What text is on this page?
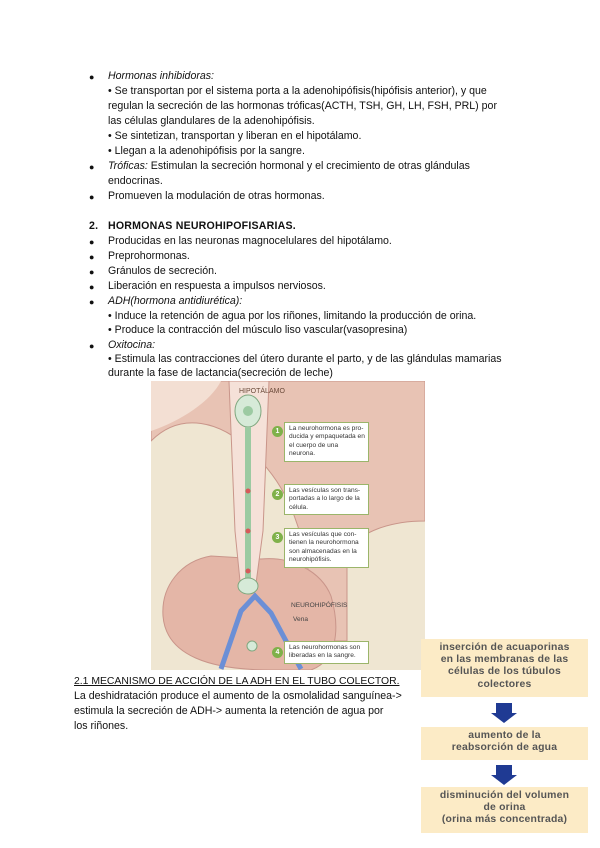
● Hormonas inhibidoras:
• Se transportan por el sistema porta a la adenohipófisis(hipófisis anterior), y que
regulan la secreción de las hormonas tróficas(ACTH, TSH, GH, LH, FSH, PRL) por
las células glandulares de la adenohipófisis.
• Se sintetizan, transportan y liberan en el hipotálamo.
• Llegan a la adenohipófisis por la sangre.
● Tróficas: Estimulan la secreción hormonal y el crecimiento de otras glándulas
endocrinas.
● Promueven la modulación de otras hormonas.
2. HORMONAS NEUROHIPOFISARIAS.
● Producidas en las neuronas magnocelulares del hipotálamo.
● Preprohormonas.
● Gránulos de secreción.
● Liberación en respuesta a impulsos nerviosos.
● ADH(hormona antidiurética):
• Induce la retención de agua por los riñones, limitando la producción de orina.
• Produce la contracción del músculo liso vascular(vasopresina)
● Oxitocina:
• Estimula las contracciones del útero durante el parto, y de las glándulas mamarias
durante la fase de lactancia(secreción de leche)
HIPOTÁLAMO
NEUROHIPÓFISIS
Vena
1	La neurohormona es pro-ducida y empaquetada en el cuerpo de una neurona.
2
Las vesículas son trans-portadas a lo largo de la célula.
3	Las vesículas que con-tienen la neurohormona son almacenadas en la neurohipófisis.
4
Las neurohormonas son liberadas en la sangre.
2.1 MECANISMO DE ACCIÓN DE LA ADH EN EL TUBO COLECTOR.
La deshidratación produce el aumento de la osmolalidad sanguínea->
estimula la secreción de ADH-> aumenta la retención de agua por
los riñones.
inserción de acuaporinas
en las membranas de las
células de los túbulos
colectores
aumento de la
reabsorción de agua
disminución del volumen
de orina
(orina más concentrada)
